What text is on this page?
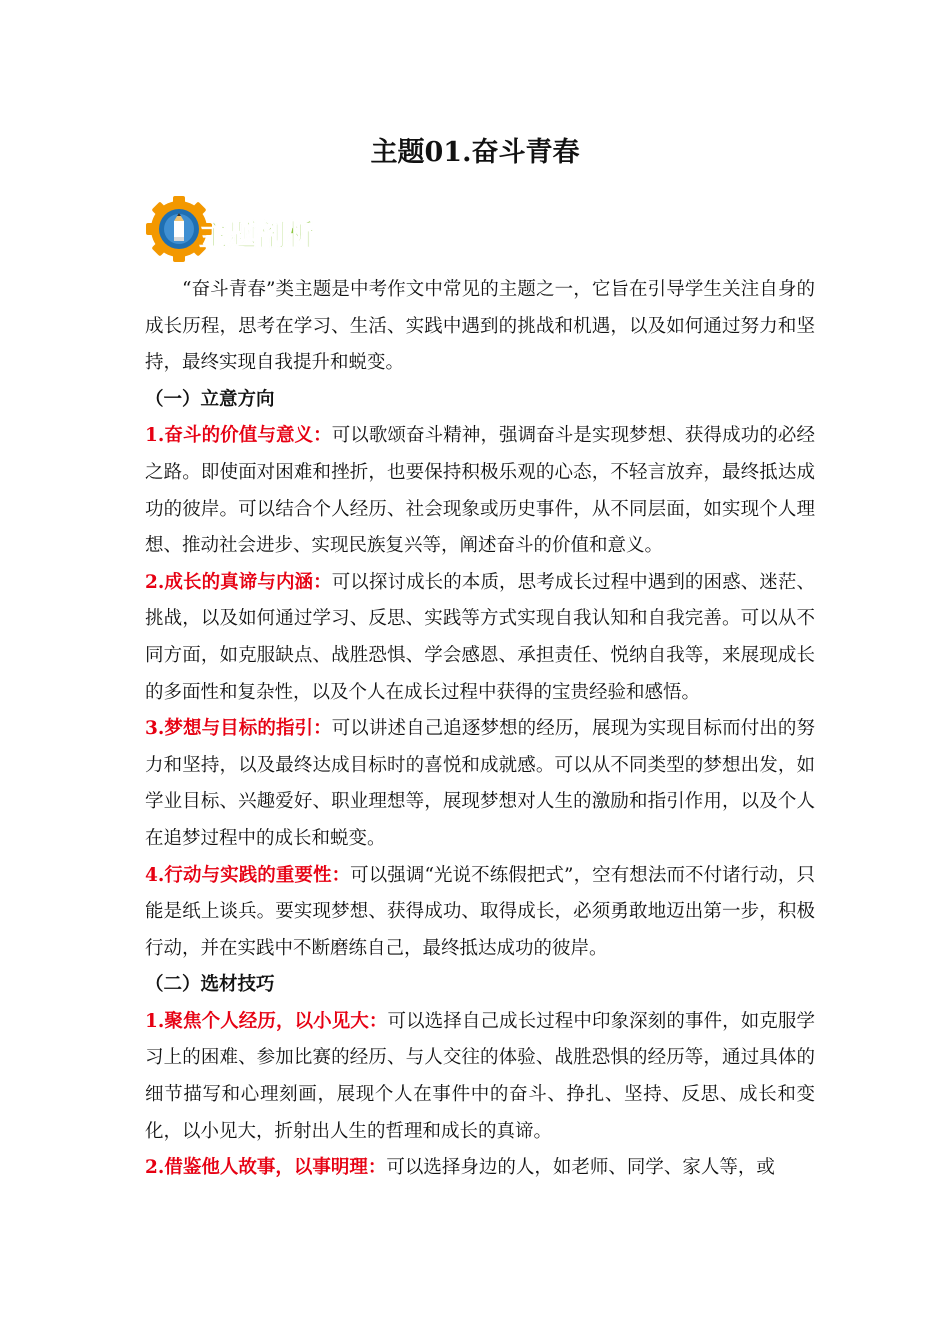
主题01.奋斗青春
主题剖析

“奋斗青春”类主题是中考作文中常见的主题之一，它旨在引导学生关注自身的成长历程，思考在学习、生活、实践中遇到的挑战和机遇，以及如何通过努力和坚持，最终实现自我提升和蜕变。

（一）立意方向

1.奋斗的价值与意义：可以歌颂奋斗精神，强调奋斗是实现梦想、获得成功的必经之路。即使面对困难和挫折，也要保持积极乐观的心态，不轻言放弃，最终抵达成功的彼岸。可以结合个人经历、社会现象或历史事件，从不同层面，如实现个人理想、推动社会进步、实现民族复兴等，阐述奋斗的价值和意义。

2.成长的真谛与内涵：可以探讨成长的本质，思考成长过程中遇到的困惑、迷茫、挑战，以及如何通过学习、反思、实践等方式实现自我认知和自我完善。可以从不同方面，如克服缺点、战胜恐惧、学会感恩、承担责任、悦纳自我等，来展现成长的多面性和复杂性，以及个人在成长过程中获得的宝贵经验和感悟。

3.梦想与目标的指引：可以讲述自己追逐梦想的经历，展现为实现目标而付出的努力和坚持，以及最终达成目标时的喜悦和成就感。可以从不同类型的梦想出发，如学业目标、兴趣爱好、职业理想等，展现梦想对人生的激励和指引作用，以及个人在追梦过程中的成长和蜕变。

4.行动与实践的重要性：可以强调“光说不练假把式”，空有想法而不付诸行动，只能是纸上谈兵。要实现梦想、获得成功、取得成长，必须勇敢地迈出第一步，积极行动，并在实践中不断磨练自己，最终抵达成功的彼岸。

（二）选材技巧

1.聚焦个人经历，以小见大：可以选择自己成长过程中印象深刻的事件，如克服学习上的困难、参加比赛的经历、与人交往的体验、战胜恐惧的经历等，通过具体的细节描写和心理刻画，展现个人在事件中的奋斗、挣扎、坚持、反思、成长和变化，以小见大，折射出人生的哲理和成长的真谛。

2.借鉴他人故事，以事明理：可以选择身边的人，如老师、同学、家人等，或
